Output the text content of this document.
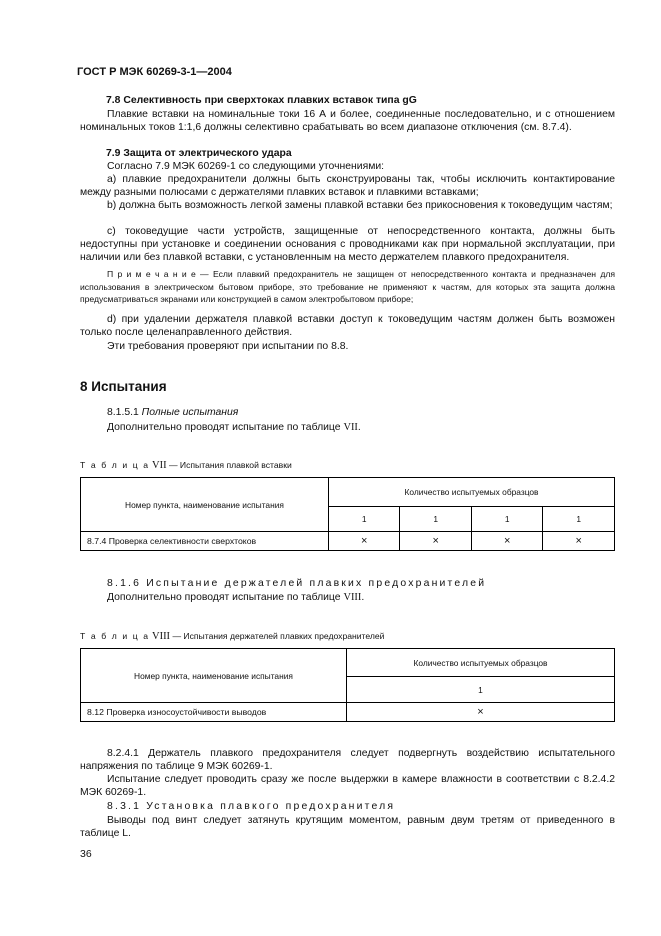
ГОСТ Р МЭК 60269-3-1—2004

7.8 Селективность при сверхтоках плавких вставок типа gG

Плавкие вставки на номинальные токи 16 А и более, соединенные последовательно, и с отношением номинальных токов 1:1,6 должны селективно срабатывать во всем диапазоне отключения (см. 8.7.4).

7.9 Защита от электрического удара

Согласно 7.9 МЭК 60269-1 со следующими уточнениями:

а) плавкие предохранители должны быть сконструированы так, чтобы исключить контактирование между разными полюсами с держателями плавких вставок и плавкими вставками;

b) должна быть возможность легкой замены плавкой вставки без прикосновения к токоведущим частям;

с) токоведущие части устройств, защищенные от непосредственного контакта, должны быть недоступны при установке и соединении основания с проводниками как при нормальной эксплуатации, при наличии или без плавкой вставки, с установленным на место держателем плавкого предохранителя.

П р и м е ч а н и е — Если плавкий предохранитель не защищен от непосредственного контакта и предназначен для использования в электрическом бытовом приборе, это требование не применяют к частям, для которых эта защита должна предусматриваться экранами или конструкцией в самом электробытовом приборе;

d) при удалении держателя плавкой вставки доступ к токоведущим частям должен быть возможен только после целенаправленного действия.

Эти требования проверяют при испытании по 8.8.

8 Испытания

8.1.5.1 Полные испытания

Дополнительно проводят испытание по таблице VII.

Т а б л и ц а VII — Испытания плавкой вставки
Номер пункта, наименование испытания	Количество испытуемых образцов			
	1	1	1	1
8.7.4 Проверка селективности сверхтоков	×	×	×	×

8.1.6 Испытание держателей плавких предохранителей

Дополнительно проводят испытание по таблице VIII.

Т а б л и ц а VIII — Испытания держателей плавких предохранителей
Номер пункта, наименование испытания	Количество испытуемых образцов
	1
8.12 Проверка износоустойчивости выводов	×

8.2.4.1 Держатель плавкого предохранителя следует подвергнуть воздействию испытательного напряжения по таблице 9 МЭК 60269-1.

Испытание следует проводить сразу же после выдержки в камере влажности в соответствии с 8.2.4.2 МЭК 60269-1.

8.3.1 Установка плавкого предохранителя

Выводы под винт следует затянуть крутящим моментом, равным двум третям от приведенного в таблице L.

36
